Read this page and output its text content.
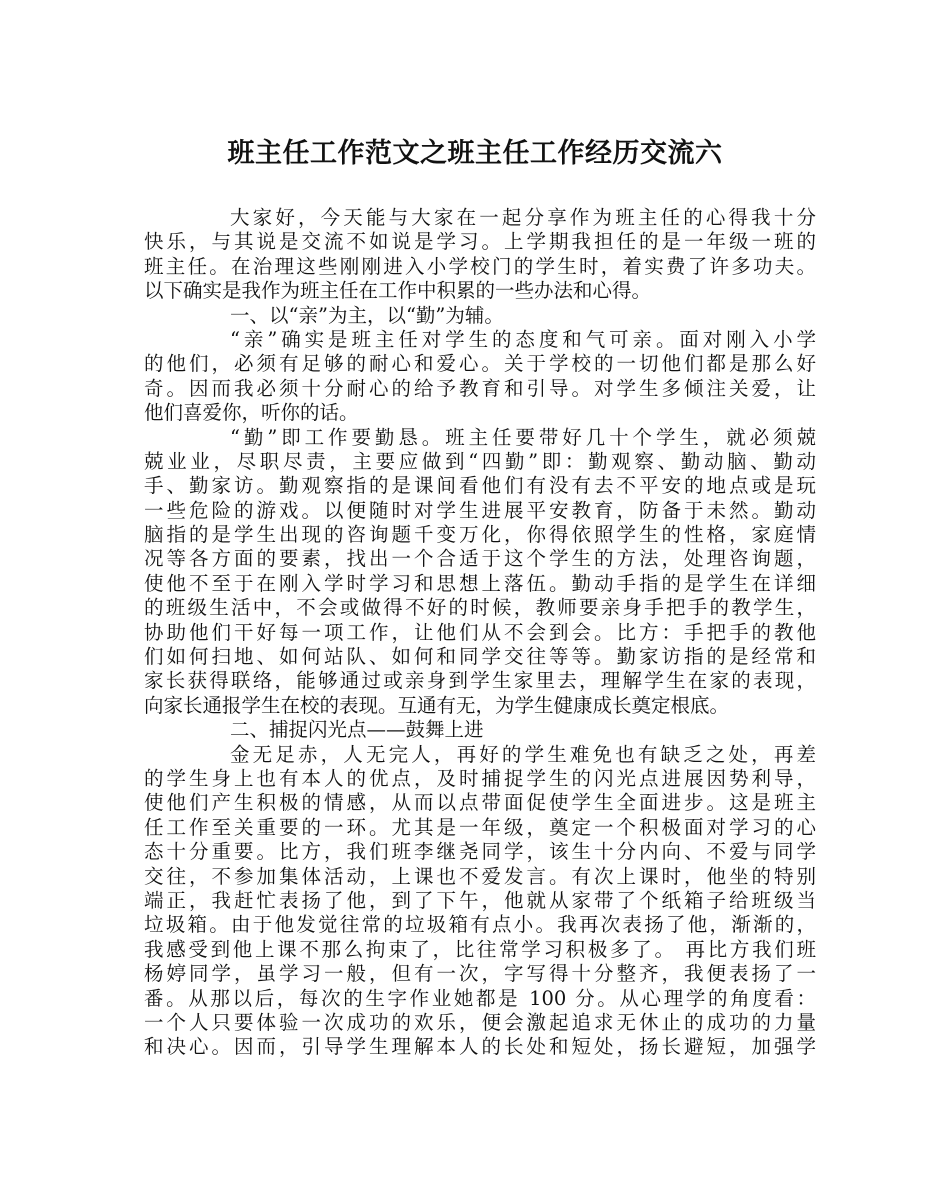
班主任工作范文之班主任工作经历交流六
大家好，今天能与大家在一起分享作为班主任的心得我十分
快乐，与其说是交流不如说是学习。上学期我担任的是一年级一班的
班主任。在治理这些刚刚进入小学校门的学生时，着实费了许多功夫。
以下确实是我作为班主任在工作中积累的一些办法和心得。
一、以“亲”为主，以“勤”为辅。
“亲”确实是班主任对学生的态度和气可亲。面对刚入小学
的他们，必须有足够的耐心和爱心。关于学校的一切他们都是那么好
奇。因而我必须十分耐心的给予教育和引导。对学生多倾注关爱，让
他们喜爱你，听你的话。
“勤”即工作要勤恳。班主任要带好几十个学生，就必须兢
兢业业，尽职尽责，主要应做到“四勤”即：勤观察、勤动脑、勤动
手、勤家访。勤观察指的是课间看他们有没有去不平安的地点或是玩
一些危险的游戏。以便随时对学生进展平安教育，防备于未然。勤动
脑指的是学生出现的咨询题千变万化，你得依照学生的性格，家庭情
况等各方面的要素，找出一个合适于这个学生的方法，处理咨询题，
使他不至于在刚入学时学习和思想上落伍。勤动手指的是学生在详细
的班级生活中，不会或做得不好的时候，教师要亲身手把手的教学生，
协助他们干好每一项工作，让他们从不会到会。比方：手把手的教他
们如何扫地、如何站队、如何和同学交往等等。勤家访指的是经常和
家长获得联络，能够通过或亲身到学生家里去，理解学生在家的表现，
向家长通报学生在校的表现。互通有无，为学生健康成长奠定根底。
二、捕捉闪光点——鼓舞上进
金无足赤，人无完人，再好的学生难免也有缺乏之处，再差
的学生身上也有本人的优点，及时捕捉学生的闪光点进展因势利导，
使他们产生积极的情感，从而以点带面促使学生全面进步。这是班主
任工作至关重要的一环。尤其是一年级，奠定一个积极面对学习的心
态十分重要。比方，我们班李继尧同学，该生十分内向、不爱与同学
交往，不参加集体活动，上课也不爱发言。有次上课时，他坐的特别
端正，我赶忙表扬了他，到了下午，他就从家带了个纸箱子给班级当
垃圾箱。由于他发觉往常的垃圾箱有点小。我再次表扬了他，渐渐的，
我感受到他上课不那么拘束了，比往常学习积极多了。 再比方我们班
杨婷同学，虽学习一般，但有一次，字写得十分整齐，我便表扬了一
番。从那以后，每次的生字作业她都是 100 分。从心理学的角度看：
一个人只要体验一次成功的欢乐，便会激起追求无休止的成功的力量
和决心。因而，引导学生理解本人的长处和短处，扬长避短，加强学
